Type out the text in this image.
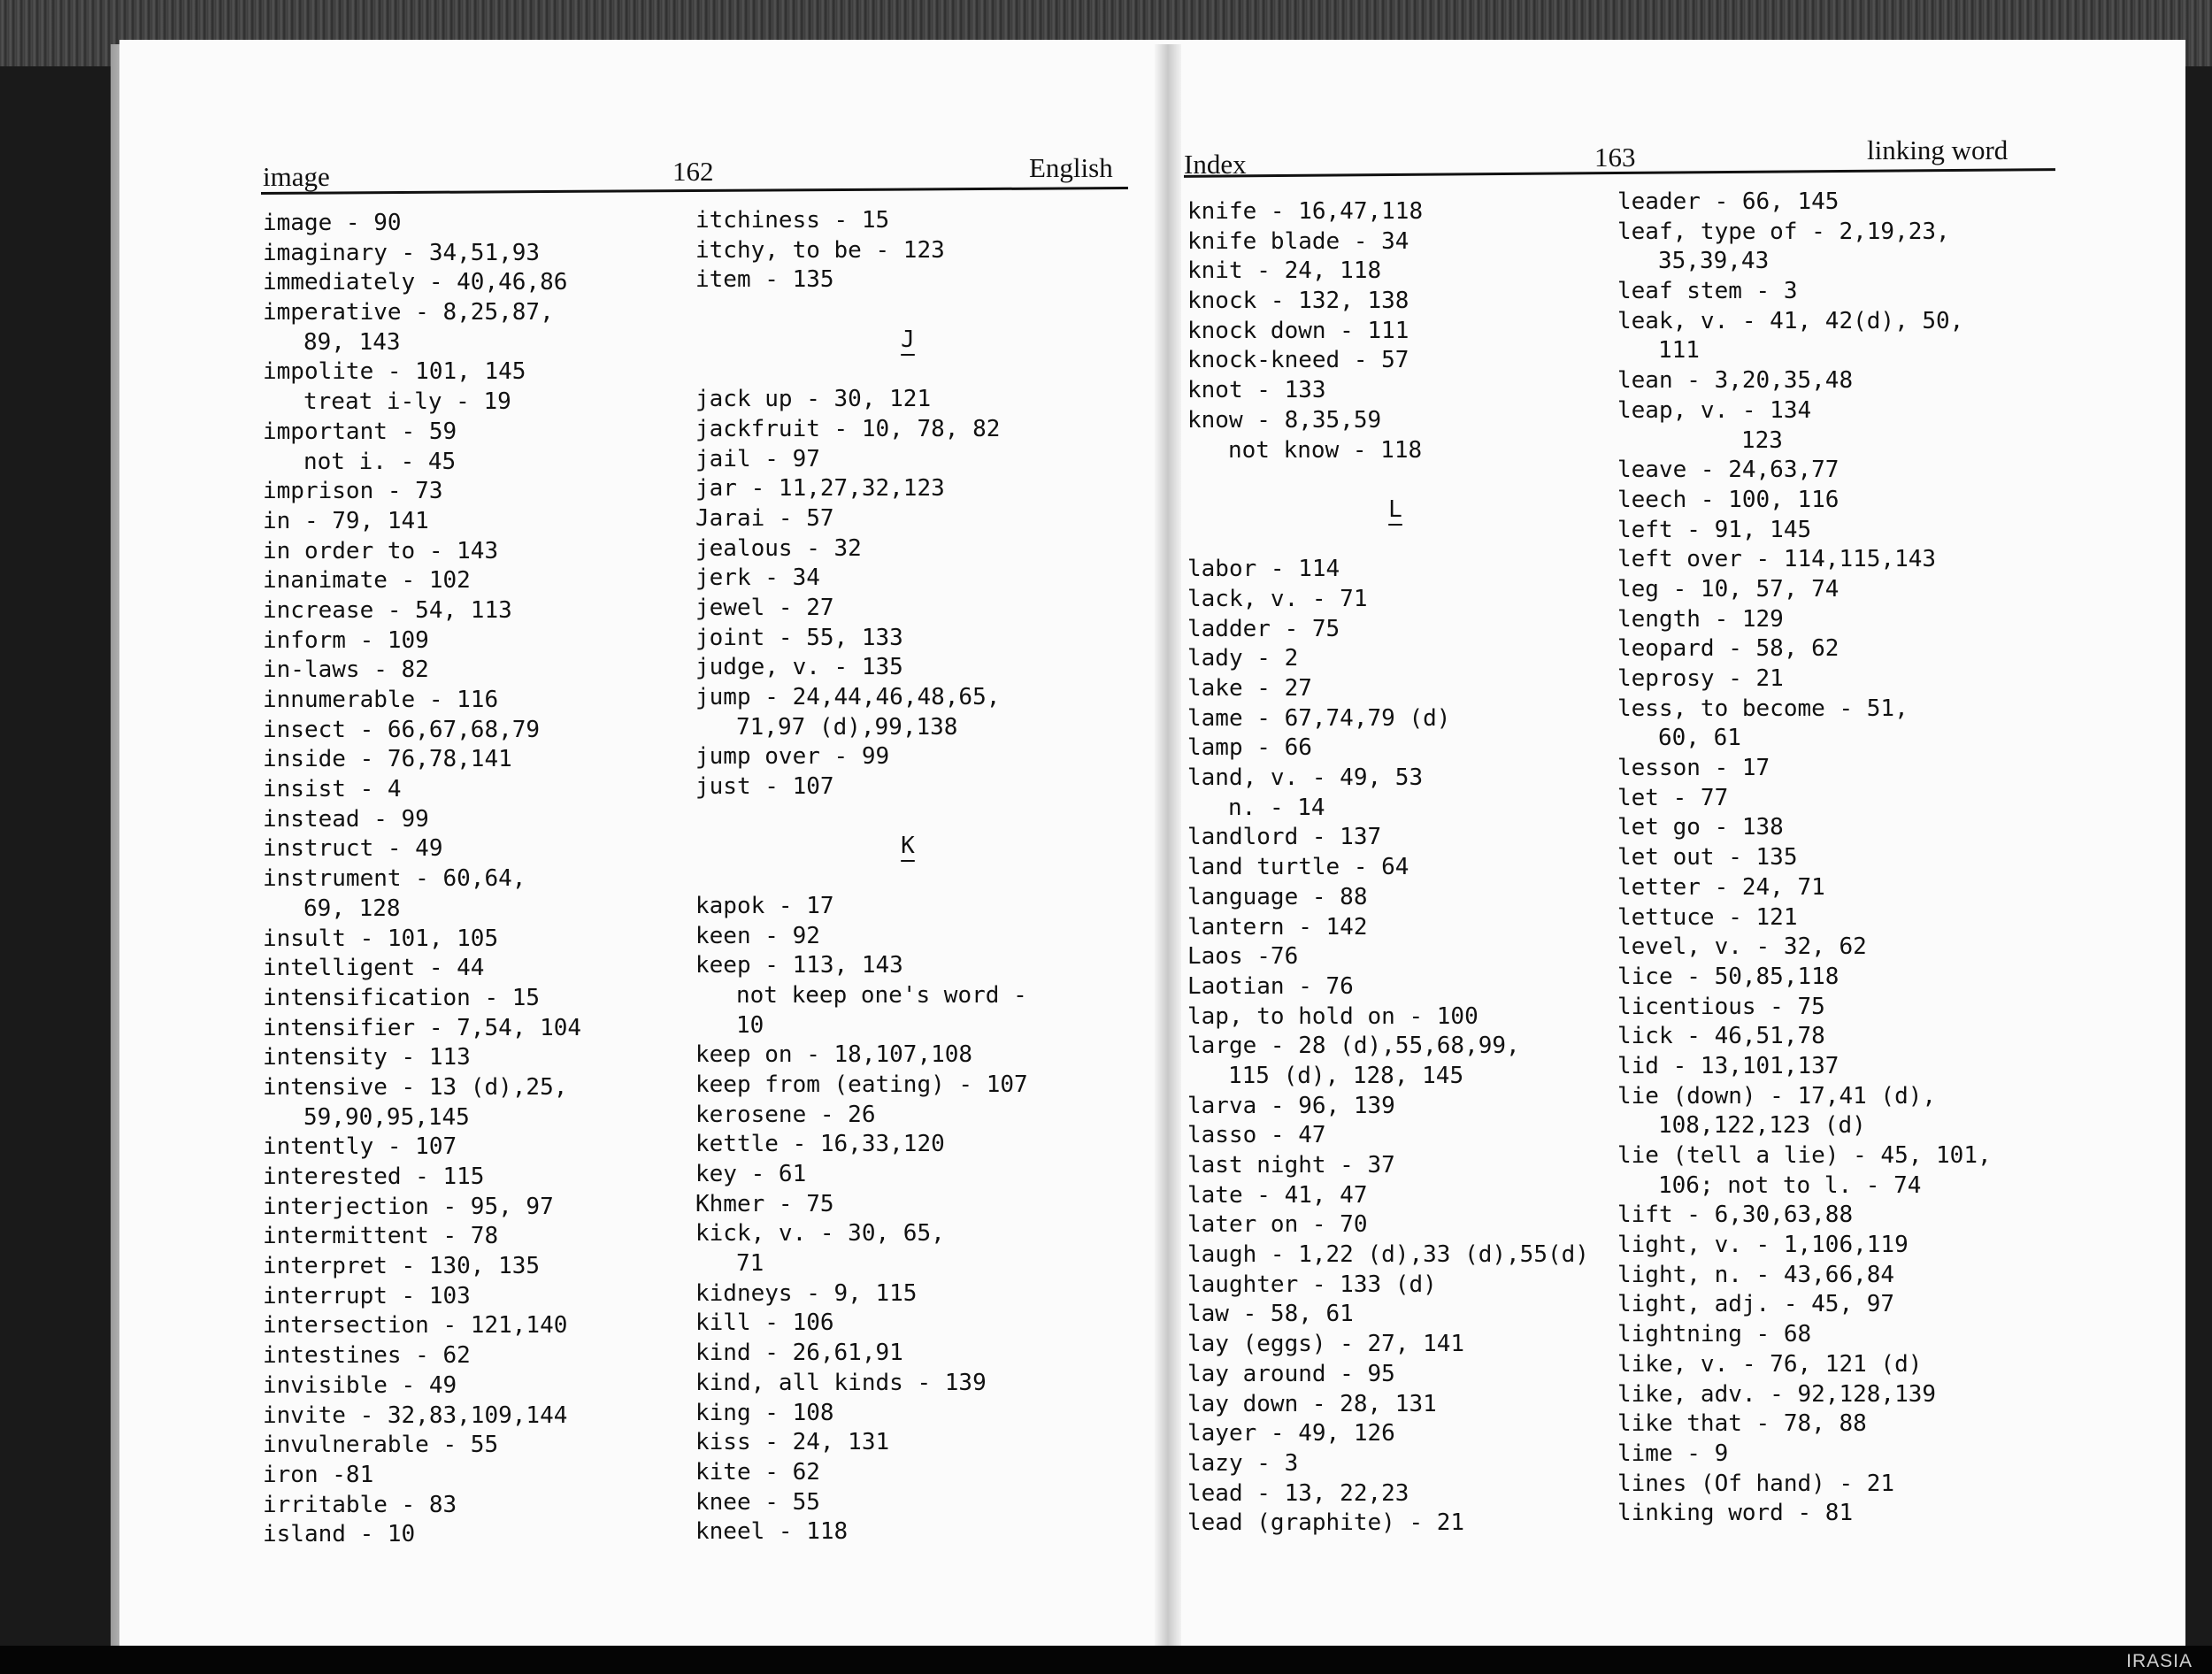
image	162	English
image - 90
imaginary - 34,51,93
immediately - 40,46,86
imperative - 8,25,87,
89, 143
impolite - 101, 145
treat i-ly - 19
important - 59
not i. - 45
imprison - 73
in - 79, 141
in order to - 143
inanimate - 102
increase - 54, 113
inform - 109
in-laws - 82
innumerable - 116
insect - 66,67,68,79
inside - 76,78,141
insist - 4
instead - 99
instruct - 49
instrument - 60,64,
69, 128
insult - 101, 105
intelligent - 44
intensification - 15
intensifier - 7,54, 104
intensity - 113
intensive - 13 (d),25,
59,90,95,145
intently - 107
interested - 115
interjection - 95, 97
intermittent - 78
interpret - 130, 135
interrupt - 103
intersection - 121,140
intestines - 62
invisible - 49
invite - 32,83,109,144
invulnerable - 55
iron -81
irritable - 83
island - 10
itchiness - 15
itchy, to be - 123
item - 135
J
jack up - 30, 121
jackfruit - 10, 78, 82
jail - 97
jar - 11,27,32,123
Jarai - 57
jealous - 32
jerk - 34
jewel - 27
joint - 55, 133
judge, v. - 135
jump - 24,44,46,48,65,
71,97 (d),99,138
jump over - 99
just - 107
K
kapok - 17
keen - 92
keep - 113, 143
not keep one's word -
10
keep on - 18,107,108
keep from (eating) - 107
kerosene - 26
kettle - 16,33,120
key - 61
Khmer - 75
kick, v. - 30, 65,
71
kidneys - 9, 115
kill - 106
kind - 26,61,91
kind, all kinds - 139
king - 108
kiss - 24, 131
kite - 62
knee - 55
kneel - 118
Index	163	linking word
knife - 16,47,118
knife blade - 34
knit - 24, 118
knock - 132, 138
knock down - 111
knock-kneed - 57
knot - 133
know - 8,35,59
not know - 118
L
labor - 114
lack, v. - 71
ladder - 75
lady - 2
lake - 27
lame - 67,74,79 (d)
lamp - 66
land, v. - 49, 53
n. - 14
landlord - 137
land turtle - 64
language - 88
lantern - 142
Laos -76
Laotian - 76
lap, to hold on - 100
large - 28 (d),55,68,99,
115 (d), 128, 145
larva - 96, 139
lasso - 47
last night - 37
late - 41, 47
later on - 70
laugh - 1,22 (d),33 (d),55(d)
laughter - 133 (d)
law - 58, 61
lay (eggs) - 27, 141
lay around - 95
lay down - 28, 131
layer - 49, 126
lazy - 3
lead - 13, 22,23
lead (graphite) - 21
leader - 66, 145
leaf, type of - 2,19,23,
35,39,43
leaf stem - 3
leak, v. - 41, 42(d), 50,
111
lean - 3,20,35,48
leap, v. - 134
123
leave - 24,63,77
leech - 100, 116
left - 91, 145
left over - 114,115,143
leg - 10, 57, 74
length - 129
leopard - 58, 62
leprosy - 21
less, to become - 51,
60, 61
lesson - 17
let - 77
let go - 138
let out - 135
letter - 24, 71
lettuce - 121
level, v. - 32, 62
lice - 50,85,118
licentious - 75
lick - 46,51,78
lid - 13,101,137
lie (down) - 17,41 (d),
108,122,123 (d)
lie (tell a lie) - 45, 101,
106; not to l. - 74
lift - 6,30,63,88
light, v. - 1,106,119
light, n. - 43,66,84
light, adj. - 45, 97
lightning - 68
like, v. - 76, 121 (d)
like, adv. - 92,128,139
like that - 78, 88
lime - 9
lines (Of hand) - 21
linking word - 81
IRASIA
